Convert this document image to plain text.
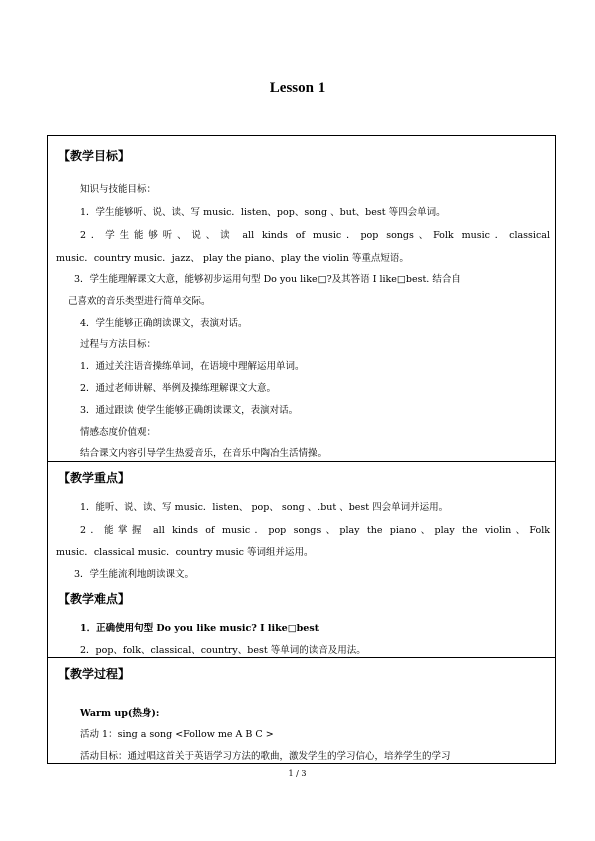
Lesson 1
【教学目标】
知识与技能目标：
1．学生能够听、说、读、写 music．listen、pop、song 、but、best 等四会单词。
2．学生能够听、说、读 all kinds of music．pop songs、Folk music．classical
music．country music．jazz、 play the piano、play the violin 等重点短语。
3．学生能理解课文大意，能够初步运用句型 Do you like□?及其答语 I like□best. 结合自
己喜欢的音乐类型进行简单交际。
4．学生能够正确朗读课文，表演对话。
过程与方法目标：
1．通过关注语音操练单词，在语境中理解运用单词。
2．通过老师讲解、举例及操练理解课文大意。
3．通过跟读 使学生能够正确朗读课文，表演对话。
情感态度价值观：
结合课文内容引导学生热爱音乐，在音乐中陶冶生活情操。
【教学重点】
1．能听、说、读、写 music．listen、 pop、 song 、.but 、best 四会单词并运用。
2．能掌握 all kinds of music．pop songs、play the piano、play the violin、Folk
music．classical music．country music 等词组并运用。
3．学生能流利地朗读课文。
【教学难点】
1．正确使用句型 Do you like music? I like□best
2．pop、folk、classical、country、best 等单词的读音及用法。
【教学过程】
Warm up(热身):
活动 1：sing a song <Follow me A B C >
活动目标：通过唱这首关于英语学习方法的歌曲，激发学生的学习信心，培养学生的学习
1 / 3
